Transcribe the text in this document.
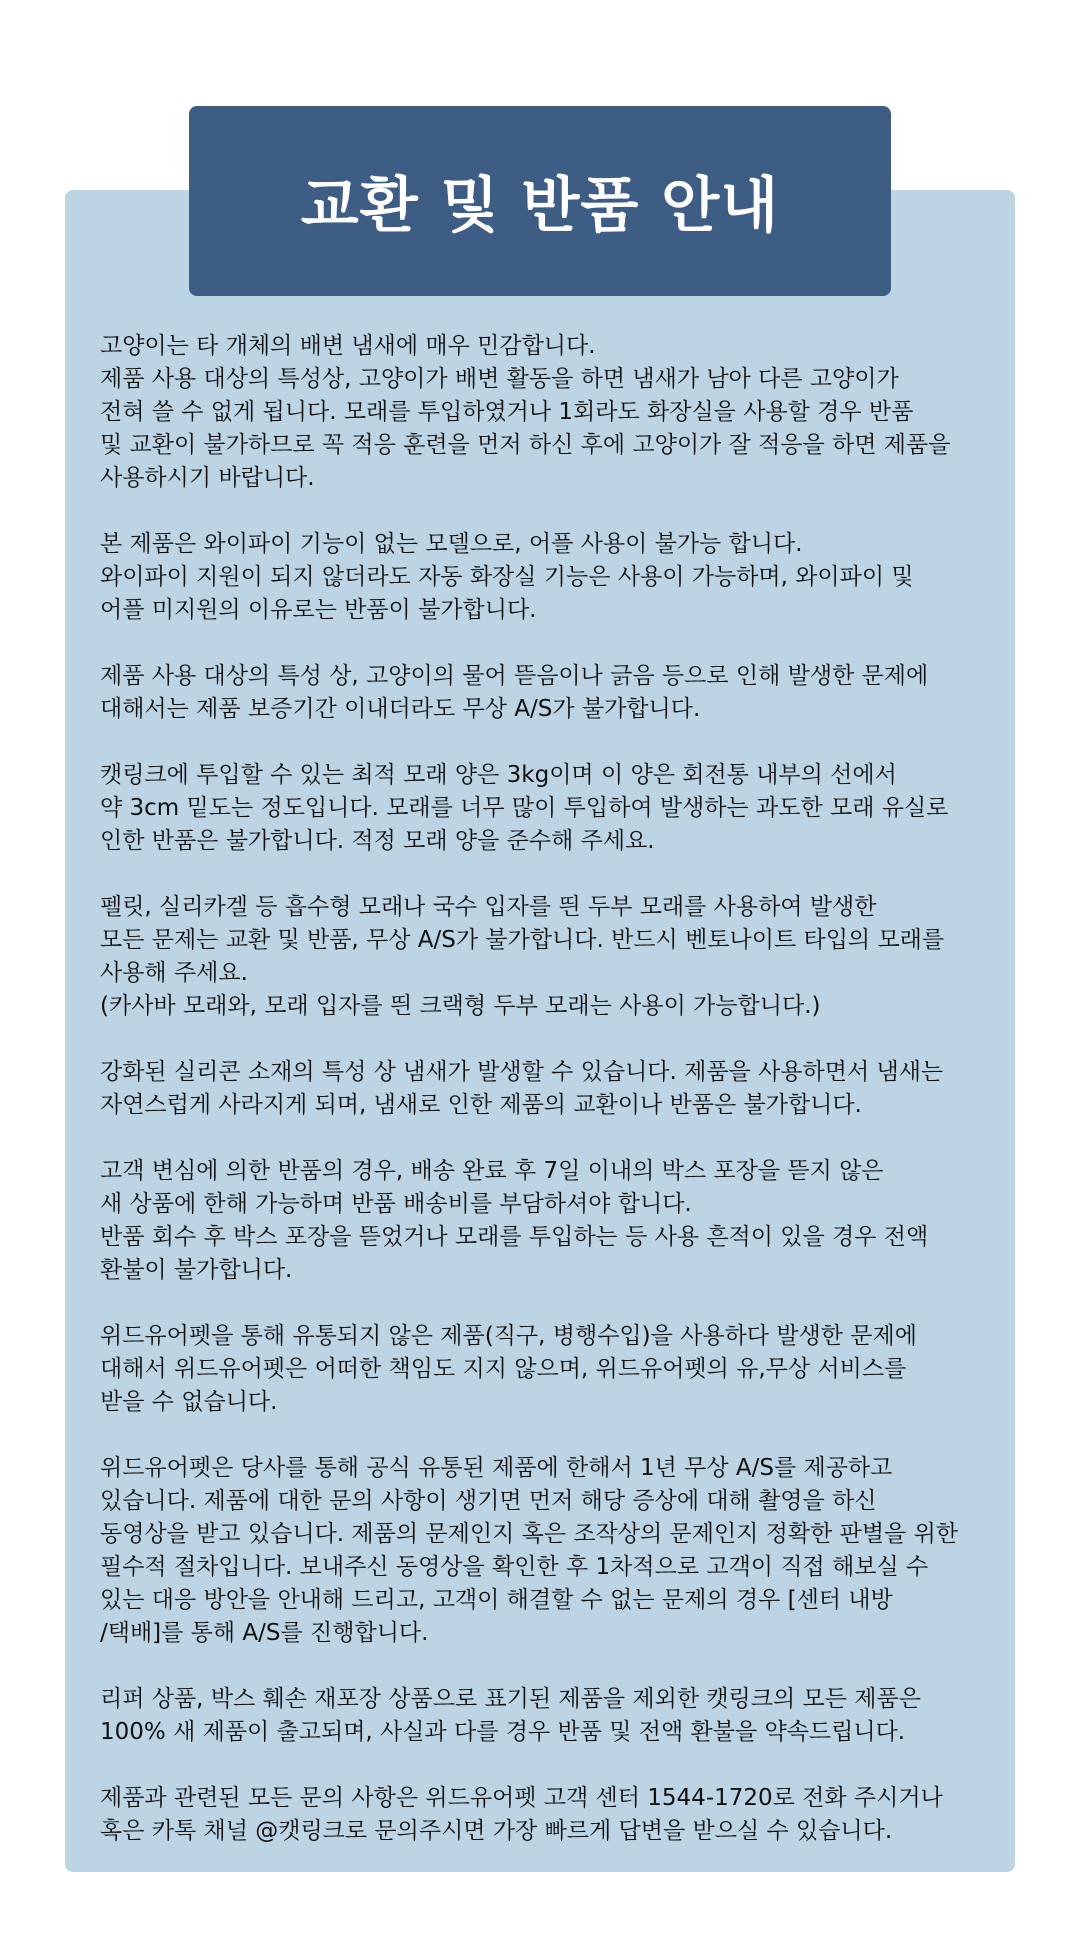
교환 및 반품 안내

고양이는 타 개체의 배변 냄새에 매우 민감합니다.
제품 사용 대상의 특성상, 고양이가 배변 활동을 하면 냄새가 남아 다른 고양이가
전혀 쓸 수 없게 됩니다. 모래를 투입하였거나 1회라도 화장실을 사용할 경우 반품
및 교환이 불가하므로 꼭 적응 훈련을 먼저 하신 후에 고양이가 잘 적응을 하면 제품을
사용하시기 바랍니다.

본 제품은 와이파이 기능이 없는 모델으로, 어플 사용이 불가능 합니다.
와이파이 지원이 되지 않더라도 자동 화장실 기능은 사용이 가능하며, 와이파이 및
어플 미지원의 이유로는 반품이 불가합니다.

제품 사용 대상의 특성 상, 고양이의 물어 뜯음이나 긁음 등으로 인해 발생한 문제에
대해서는 제품 보증기간 이내더라도 무상 A/S가 불가합니다.

캣링크에 투입할 수 있는 최적 모래 양은 3kg이며 이 양은 회전통 내부의 선에서
약 3cm 밑도는 정도입니다. 모래를 너무 많이 투입하여 발생하는 과도한 모래 유실로
인한 반품은 불가합니다. 적정 모래 양을 준수해 주세요.

펠릿, 실리카겔 등 흡수형 모래나 국수 입자를 띈 두부 모래를 사용하여 발생한
모든 문제는 교환 및 반품, 무상 A/S가 불가합니다. 반드시 벤토나이트 타입의 모래를
사용해 주세요.
(카사바 모래와, 모래 입자를 띈 크랙형 두부 모래는 사용이 가능합니다.)

강화된 실리콘 소재의 특성 상 냄새가 발생할 수 있습니다. 제품을 사용하면서 냄새는
자연스럽게 사라지게 되며, 냄새로 인한 제품의 교환이나 반품은 불가합니다.

고객 변심에 의한 반품의 경우, 배송 완료 후 7일 이내의 박스 포장을 뜯지 않은
새 상품에 한해 가능하며 반품 배송비를 부담하셔야 합니다.
반품 회수 후 박스 포장을 뜯었거나 모래를 투입하는 등 사용 흔적이 있을 경우 전액
환불이 불가합니다.

위드유어펫을 통해 유통되지 않은 제품(직구, 병행수입)을 사용하다 발생한 문제에
대해서 위드유어펫은 어떠한 책임도 지지 않으며, 위드유어펫의 유,무상 서비스를
받을 수 없습니다.

위드유어펫은 당사를 통해 공식 유통된 제품에 한해서 1년 무상 A/S를 제공하고
있습니다. 제품에 대한 문의 사항이 생기면 먼저 해당 증상에 대해 촬영을 하신
동영상을 받고 있습니다. 제품의 문제인지 혹은 조작상의 문제인지 정확한 판별을 위한
필수적 절차입니다. 보내주신 동영상을 확인한 후 1차적으로 고객이 직접 해보실 수
있는 대응 방안을 안내해 드리고, 고객이 해결할 수 없는 문제의 경우 [센터 내방
/택배]를 통해 A/S를 진행합니다.

리퍼 상품, 박스 훼손 재포장 상품으로 표기된 제품을 제외한 캣링크의 모든 제품은
100% 새 제품이 출고되며, 사실과 다를 경우 반품 및 전액 환불을 약속드립니다.

제품과 관련된 모든 문의 사항은 위드유어펫 고객 센터 1544-1720로 전화 주시거나
혹은 카톡 채널 @캣링크로 문의주시면 가장 빠르게 답변을 받으실 수 있습니다.
